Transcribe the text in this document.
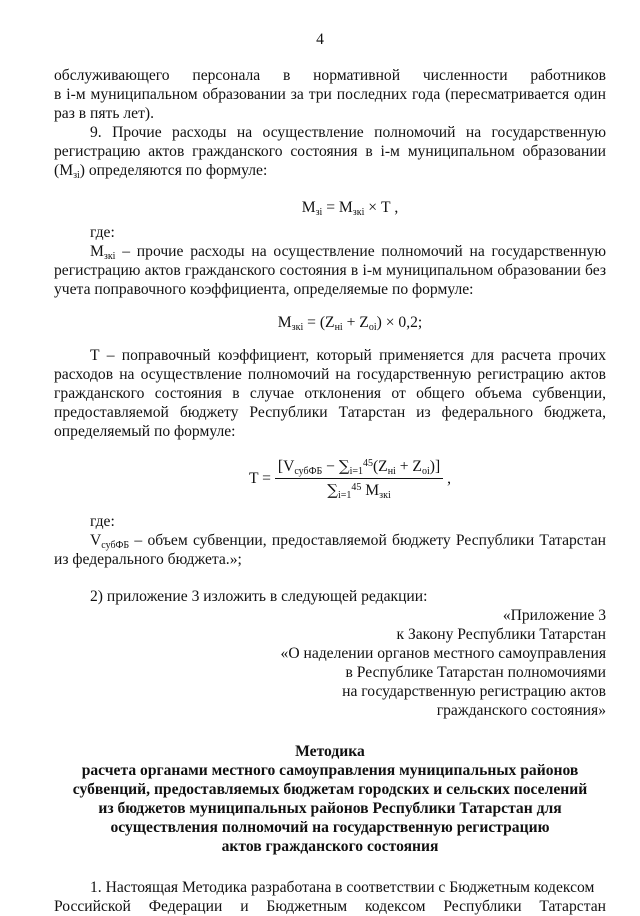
4

обслуживающего персонала в нормативной численности работников

в i-м муниципальном образовании за три последних года (пересматривается один раз в пять лет).

9. Прочие расходы на осуществление полномочий на государственную регистрацию актов гражданского состояния в i-м муниципальном образовании $(М_{зі})$ определяются по формуле:

$М_{зі} = М_{зкі} \times Т$ ,

где:

$М_{зкі}$ – прочие расходы на осуществление полномочий на государственную регистрацию актов гражданского состояния в i-м муниципальном образовании без учета поправочного коэффициента, определяемые по формуле:

$М_{зкі} = (Z_{ні} + Z_{оі}) \times 0,2$;

Т – поправочный коэффициент, который применяется для расчета прочих расходов на осуществление полномочий на государственную регистрацию актов гражданского состояния в случае отклонения от общего объема субвенции, предоставляемой бюджету Республики Татарстан из федерального бюджета, определяемый по формуле:

$T = \frac{[V_{субФБ} - \sum_{i=1}^{45}(Z_{нi} + Z_{оi})]}{\sum_{i=1}^{45} М_{зкі}}$ ,

где:

$V_{субФБ}$ – объем субвенции, предоставляемой бюджету Республики Татарстан из федерального бюджета.»;

2) приложение 3 изложить в следующей редакции:

«Приложение 3
к Закону Республики Татарстан
«О наделении органов местного самоуправления
в Республике Татарстан полномочиями
на государственную регистрацию актов
гражданского состояния»
Методика
расчета органами местного самоуправления муниципальных районов
субвенций, предоставляемых бюджетам городских и сельских поселений
из бюджетов муниципальных районов Республики Татарстан для
осуществления полномочий на государственную регистрацию
актов гражданского состояния

1. Настоящая Методика разработана в соответствии с Бюджетным кодексом

Российской Федерации и Бюджетным кодексом Республики Татарстан
